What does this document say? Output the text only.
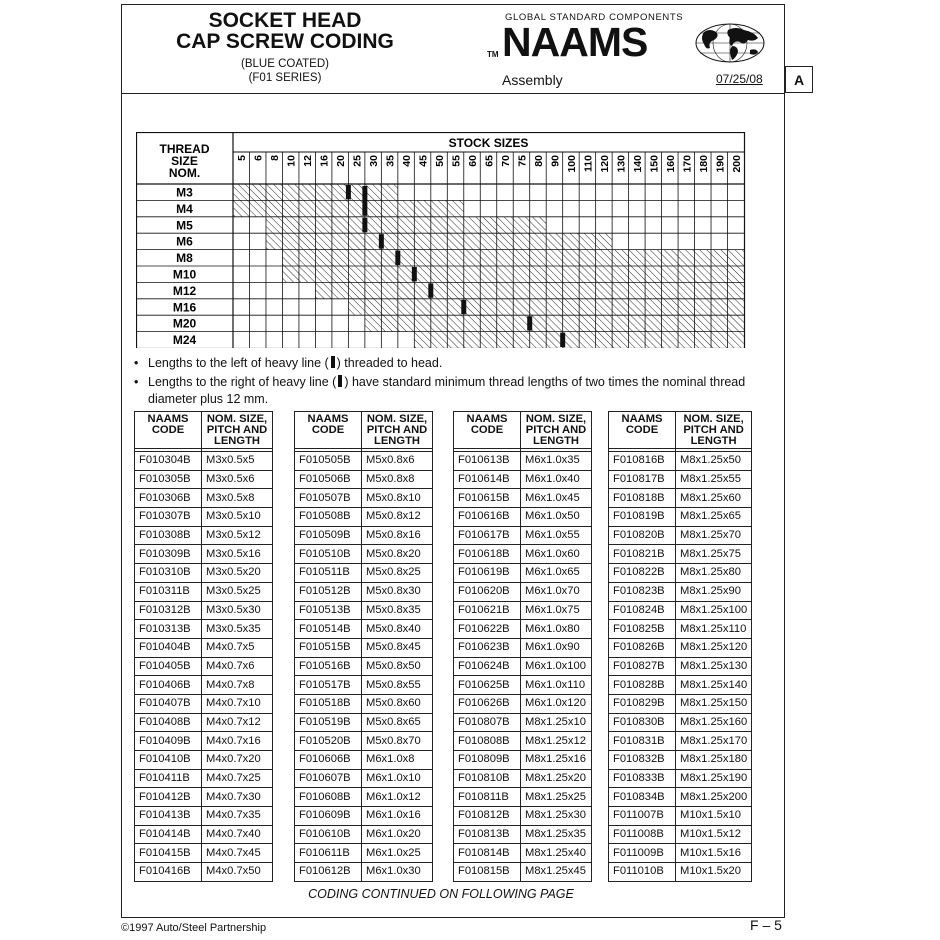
SOCKET HEAD
CAP SCREW CODING
(BLUE COATED)
(F01 SERIES)
GLOBAL STANDARD COMPONENTS
TM NAAMS
Assembly	07/25/08	A
STOCK SIZES
THREAD
SIZE
NOM.
5 6 8 10 12 16 20 25 30 35 40 45 50 55 60 65 70 75 80 90 100 110 120 130 140 150 160 170 180 190 200
M3
M4
M5
M6
M8
M10
M12
M16
M20
M24
• Lengths to the left of heavy line ( ) threaded to head.
• Lengths to the right of heavy line ( ) have standard minimum thread lengths of two times the nominal thread diameter plus 12 mm.
NAAMS CODE	NOM. SIZE, PITCH AND LENGTH

F010304B	M3x0.5x5
F010305B	M3x0.5x6
F010306B	M3x0.5x8
F010307B	M3x0.5x10
F010308B	M3x0.5x12
F010309B	M3x0.5x16
F010310B	M3x0.5x20
F010311B	M3x0.5x25
F010312B	M3x0.5x30
F010313B	M3x0.5x35
F010404B	M4x0.7x5
F010405B	M4x0.7x6
F010406B	M4x0.7x8
F010407B	M4x0.7x10
F010408B	M4x0.7x12
F010409B	M4x0.7x16
F010410B	M4x0.7x20
F010411B	M4x0.7x25
F010412B	M4x0.7x30
F010413B	M4x0.7x35
F010414B	M4x0.7x40
F010415B	M4x0.7x45
F010416B	M4x0.7x50
NAAMS CODE	NOM. SIZE, PITCH AND LENGTH

F010505B	M5x0.8x6
F010506B	M5x0.8x8
F010507B	M5x0.8x10
F010508B	M5x0.8x12
F010509B	M5x0.8x16
F010510B	M5x0.8x20
F010511B	M5x0.8x25
F010512B	M5x0.8x30
F010513B	M5x0.8x35
F010514B	M5x0.8x40
F010515B	M5x0.8x45
F010516B	M5x0.8x50
F010517B	M5x0.8x55
F010518B	M5x0.8x60
F010519B	M5x0.8x65
F010520B	M5x0.8x70
F010606B	M6x1.0x8
F010607B	M6x1.0x10
F010608B	M6x1.0x12
F010609B	M6x1.0x16
F010610B	M6x1.0x20
F010611B	M6x1.0x25
F010612B	M6x1.0x30
NAAMS CODE	NOM. SIZE, PITCH AND LENGTH

F010613B	M6x1.0x35
F010614B	M6x1.0x40
F010615B	M6x1.0x45
F010616B	M6x1.0x50
F010617B	M6x1.0x55
F010618B	M6x1.0x60
F010619B	M6x1.0x65
F010620B	M6x1.0x70
F010621B	M6x1.0x75
F010622B	M6x1.0x80
F010623B	M6x1.0x90
F010624B	M6x1.0x100
F010625B	M6x1.0x110
F010626B	M6x1.0x120
F010807B	M8x1.25x10
F010808B	M8x1.25x12
F010809B	M8x1.25x16
F010810B	M8x1.25x20
F010811B	M8x1.25x25
F010812B	M8x1.25x30
F010813B	M8x1.25x35
F010814B	M8x1.25x40
F010815B	M8x1.25x45
NAAMS CODE	NOM. SIZE, PITCH AND LENGTH

F010816B	M8x1.25x50
F010817B	M8x1.25x55
F010818B	M8x1.25x60
F010819B	M8x1.25x65
F010820B	M8x1.25x70
F010821B	M8x1.25x75
F010822B	M8x1.25x80
F010823B	M8x1.25x90
F010824B	M8x1.25x100
F010825B	M8x1.25x110
F010826B	M8x1.25x120
F010827B	M8x1.25x130
F010828B	M8x1.25x140
F010829B	M8x1.25x150
F010830B	M8x1.25x160
F010831B	M8x1.25x170
F010832B	M8x1.25x180
F010833B	M8x1.25x190
F010834B	M8x1.25x200
F011007B	M10x1.5x10
F011008B	M10x1.5x12
F011009B	M10x1.5x16
F011010B	M10x1.5x20
CODING CONTINUED ON FOLLOWING PAGE
©1997 Auto/Steel Partnership	F – 5
